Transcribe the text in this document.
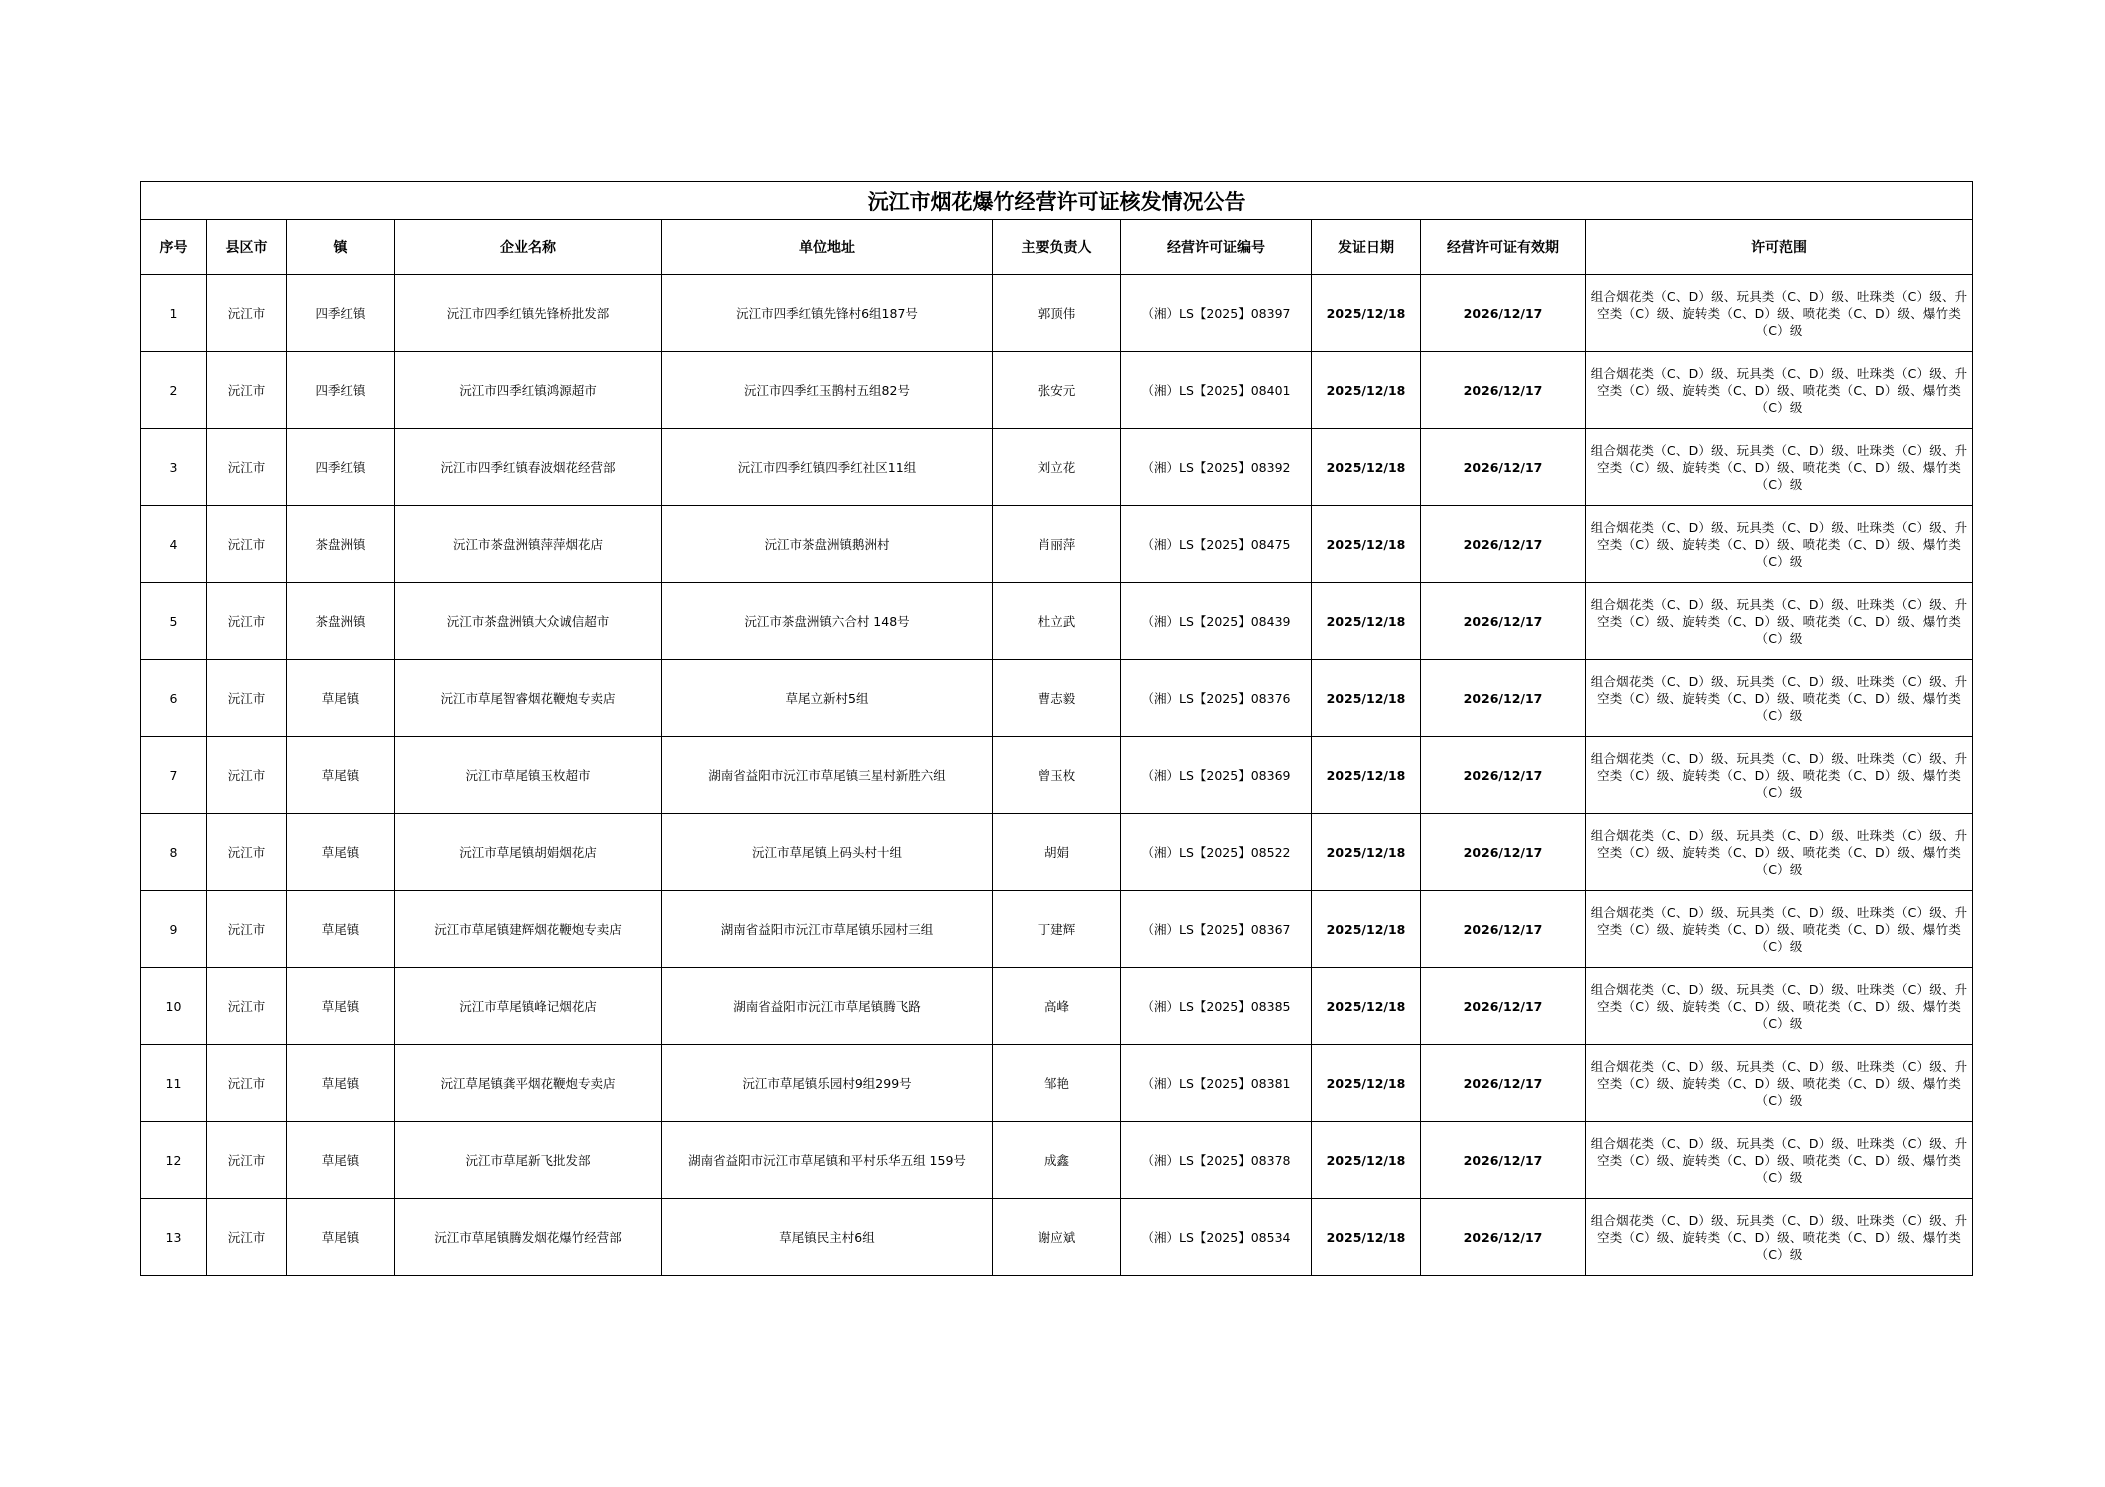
沅江市烟花爆竹经营许可证核发情况公告									
序号	县区市	镇	企业名称	单位地址	主要负责人	经营许可证编号	发证日期	经营许可证有效期	许可范围
1	沅江市	四季红镇	沅江市四季红镇先锋桥批发部	沅江市四季红镇先锋村6组187号	郭顶伟	（湘）LS【2025】08397	2025/12/18	2026/12/17	组合烟花类（C、D）级、玩具类（C、D）级、吐珠类（C）级、升空类（C）级、旋转类（C、D）级、喷花类（C、D）级、爆竹类（C）级
2	沅江市	四季红镇	沅江市四季红镇鸿源超市	沅江市四季红玉鹊村五组82号	张安元	（湘）LS【2025】08401	2025/12/18	2026/12/17	组合烟花类（C、D）级、玩具类（C、D）级、吐珠类（C）级、升空类（C）级、旋转类（C、D）级、喷花类（C、D）级、爆竹类（C）级
3	沅江市	四季红镇	沅江市四季红镇春波烟花经营部	沅江市四季红镇四季红社区11组	刘立花	（湘）LS【2025】08392	2025/12/18	2026/12/17	组合烟花类（C、D）级、玩具类（C、D）级、吐珠类（C）级、升空类（C）级、旋转类（C、D）级、喷花类（C、D）级、爆竹类（C）级
4	沅江市	茶盘洲镇	沅江市茶盘洲镇萍萍烟花店	沅江市茶盘洲镇鹅洲村	肖丽萍	（湘）LS【2025】08475	2025/12/18	2026/12/17	组合烟花类（C、D）级、玩具类（C、D）级、吐珠类（C）级、升空类（C）级、旋转类（C、D）级、喷花类（C、D）级、爆竹类（C）级
5	沅江市	茶盘洲镇	沅江市茶盘洲镇大众诚信超市	沅江市茶盘洲镇六合村 148号	杜立武	（湘）LS【2025】08439	2025/12/18	2026/12/17	组合烟花类（C、D）级、玩具类（C、D）级、吐珠类（C）级、升空类（C）级、旋转类（C、D）级、喷花类（C、D）级、爆竹类（C）级
6	沅江市	草尾镇	沅江市草尾智睿烟花鞭炮专卖店	草尾立新村5组	曹志毅	（湘）LS【2025】08376	2025/12/18	2026/12/17	组合烟花类（C、D）级、玩具类（C、D）级、吐珠类（C）级、升空类（C）级、旋转类（C、D）级、喷花类（C、D）级、爆竹类（C）级
7	沅江市	草尾镇	沅江市草尾镇玉枚超市	湖南省益阳市沅江市草尾镇三星村新胜六组	曾玉枚	（湘）LS【2025】08369	2025/12/18	2026/12/17	组合烟花类（C、D）级、玩具类（C、D）级、吐珠类（C）级、升空类（C）级、旋转类（C、D）级、喷花类（C、D）级、爆竹类（C）级
8	沅江市	草尾镇	沅江市草尾镇胡娟烟花店	沅江市草尾镇上码头村十组	胡娟	（湘）LS【2025】08522	2025/12/18	2026/12/17	组合烟花类（C、D）级、玩具类（C、D）级、吐珠类（C）级、升空类（C）级、旋转类（C、D）级、喷花类（C、D）级、爆竹类（C）级
9	沅江市	草尾镇	沅江市草尾镇建辉烟花鞭炮专卖店	湖南省益阳市沅江市草尾镇乐园村三组	丁建辉	（湘）LS【2025】08367	2025/12/18	2026/12/17	组合烟花类（C、D）级、玩具类（C、D）级、吐珠类（C）级、升空类（C）级、旋转类（C、D）级、喷花类（C、D）级、爆竹类（C）级
10	沅江市	草尾镇	沅江市草尾镇峰记烟花店	湖南省益阳市沅江市草尾镇腾飞路	高峰	（湘）LS【2025】08385	2025/12/18	2026/12/17	组合烟花类（C、D）级、玩具类（C、D）级、吐珠类（C）级、升空类（C）级、旋转类（C、D）级、喷花类（C、D）级、爆竹类（C）级
11	沅江市	草尾镇	沅江草尾镇龚平烟花鞭炮专卖店	沅江市草尾镇乐园村9组299号	邹艳	（湘）LS【2025】08381	2025/12/18	2026/12/17	组合烟花类（C、D）级、玩具类（C、D）级、吐珠类（C）级、升空类（C）级、旋转类（C、D）级、喷花类（C、D）级、爆竹类（C）级
12	沅江市	草尾镇	沅江市草尾新飞批发部	湖南省益阳市沅江市草尾镇和平村乐华五组 159号	成鑫	（湘）LS【2025】08378	2025/12/18	2026/12/17	组合烟花类（C、D）级、玩具类（C、D）级、吐珠类（C）级、升空类（C）级、旋转类（C、D）级、喷花类（C、D）级、爆竹类（C）级
13	沅江市	草尾镇	沅江市草尾镇腾发烟花爆竹经营部	草尾镇民主村6组	谢应斌	（湘）LS【2025】08534	2025/12/18	2026/12/17	组合烟花类（C、D）级、玩具类（C、D）级、吐珠类（C）级、升空类（C）级、旋转类（C、D）级、喷花类（C、D）级、爆竹类（C）级
